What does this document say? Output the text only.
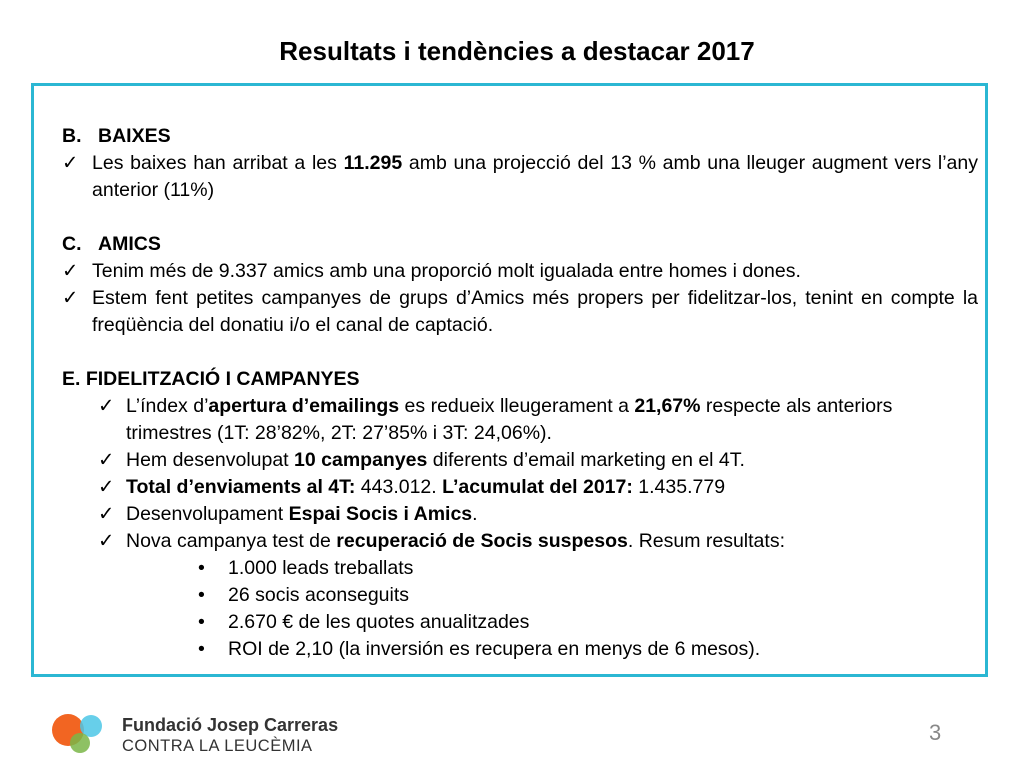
Resultats i tendències a destacar 2017

B. BAIXES

✓ Les baixes han arribat a les 11.295 amb una projecció del 13 % amb una lleuger augment vers l’any anterior (11%)

C. AMICS

✓ Tenim més de 9.337 amics amb una proporció molt igualada entre homes i dones.

✓ Estem fent petites campanyes de grups d’Amics més propers per fidelitzar-los, tenint en compte la freqüència del donatiu i/o el canal de captació.

E. FIDELITZACIÓ I CAMPANYES

✓ L’índex d’apertura d’emailings es redueix lleugerament a 21,67% respecte als anteriors trimestres (1T: 28’82%, 2T: 27’85% i 3T: 24,06%).

✓ Hem desenvolupat 10 campanyes diferents d’email marketing en el 4T.

✓ Total d’enviaments al 4T: 443.012. L’acumulat del 2017: 1.435.779

✓ Desenvolupament Espai Socis i Amics.

✓ Nova campanya test de recuperació de Socis suspesos. Resum resultats:

• 1.000 leads treballats

• 26 socis aconseguits

• 2.670 € de les quotes anualitzades

• ROI de 2,10 (la inversión es recupera en menys de 6 mesos).

Fundació Josep Carreras
CONTRA LA LEUCÈMIA
3
